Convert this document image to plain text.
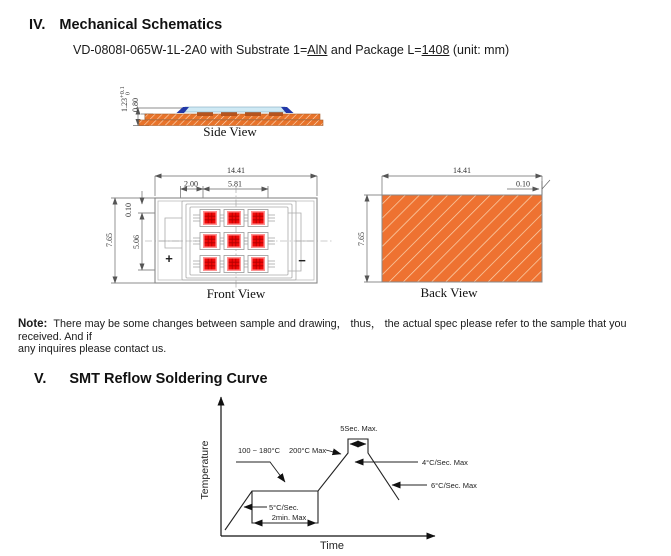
IV. Mechanical Schematics
VD-0808I-065W-1L-2A0 with Substrate 1=AlN and Package L=1408 (unit: mm)
$1.23^{+0.1}0$
0.80
Side View
14.41
2.00	5.81
7.65 5.06
0.10
+	−
Front View
14.41
0.10
7.65
Back View
Note: There may be some changes between sample and drawing， thus， the actual spec please refer to the sample that you received. And if
any inquires please contact us.
V. SMT Reflow Soldering Curve
Temperature
Time
5Sec. Max.
100 ~ 180°C 200°C Max
4°C/Sec. Max
6°C/Sec. Max
5°C/Sec.
2min. Max
